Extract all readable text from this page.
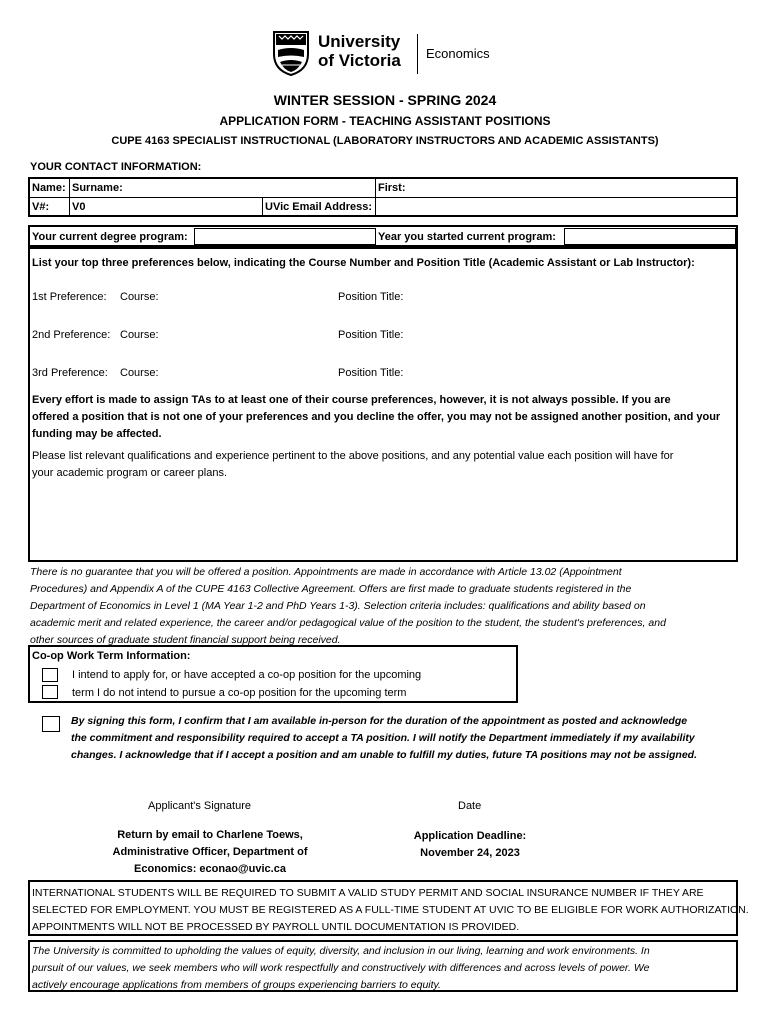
University
of Victoria Economics
WINTER SESSION - SPRING 2024
APPLICATION FORM - TEACHING ASSISTANT POSITIONS
CUPE 4163 SPECIALIST INSTRUCTIONAL (LABORATORY INSTRUCTORS AND ACADEMIC ASSISTANTS)
YOUR CONTACT INFORMATION:
Name: Surname:	First:
V#: V0	UVic Email Address:
Your current degree program:	Year you started current program:
List your top three preferences below, indicating the Course Number and Position Title (Academic Assistant or Lab Instructor):
1st Preference: Course:	Position Title:
2nd Preference: Course:	Position Title:
3rd Preference: Course:	Position Title:
Every effort is made to assign TAs to at least one of their course preferences, however, it is not always possible. If you are
offered a position that is not one of your preferences and you decline the offer, you may not be assigned another position, and your
funding may be affected.
Please list relevant qualifications and experience pertinent to the above positions, and any potential value each position will have for
your academic program or career plans.
There is no guarantee that you will be offered a position. Appointments are made in accordance with Article 13.02 (Appointment
Procedures) and Appendix A of the CUPE 4163 Collective Agreement. Offers are first made to graduate students registered in the
Department of Economics in Level 1 (MA Year 1-2 and PhD Years 1-3). Selection criteria includes: qualifications and ability based on
academic merit and related experience, the career and/or pedagogical value of the position to the student, the student's preferences, and
other sources of graduate student financial support being received.
Co-op Work Term Information:
I intend to apply for, or have accepted a co-op position for the upcoming
term I do not intend to pursue a co-op position for the upcoming term
By signing this form, I confirm that I am available in-person for the duration of the appointment as posted and acknowledge
the commitment and responsibility required to accept a TA position. I will notify the Department immediately if my availability
changes. I acknowledge that if I accept a position and am unable to fulfill my duties, future TA positions may not be assigned.
Applicant's Signature	Date
Return by email to Charlene Toews,
Administrative Officer, Department of
Economics: econao@uvic.ca
Application Deadline:
November 24, 2023
INTERNATIONAL STUDENTS WILL BE REQUIRED TO SUBMIT A VALID STUDY PERMIT AND SOCIAL INSURANCE NUMBER IF THEY ARE
SELECTED FOR EMPLOYMENT. YOU MUST BE REGISTERED AS A FULL-TIME STUDENT AT UVIC TO BE ELIGIBLE FOR WORK AUTHORIZATION.
APPOINTMENTS WILL NOT BE PROCESSED BY PAYROLL UNTIL DOCUMENTATION IS PROVIDED.
The University is committed to upholding the values of equity, diversity, and inclusion in our living, learning and work environments. In
pursuit of our values, we seek members who will work respectfully and constructively with differences and across levels of power. We
actively encourage applications from members of groups experiencing barriers to equity.
